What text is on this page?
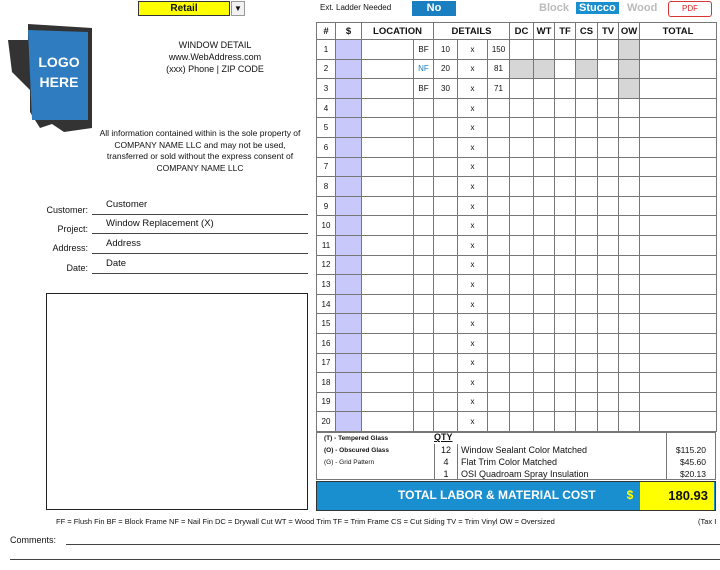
Retail	▼	Ext. Ladder Needed	No	Block Stucco Wood	PDF
LOGO HERE
WINDOW DETAIL
www.WebAddress.com
(xxx) Phone | ZIP CODE
All information contained within is the sole property of COMPANY NAME LLC and may not be used, transferred or sold without the express consent of COMPANY NAME LLC
Customer:	Customer
Project:	Window Replacement (X)
Address:	Address
Date:	Date
#	$	LOCATION		DETAILS			DC	WT	TF	CS	TV	OW	TOTAL
1			BF	10	x	150							
2			NF	20	x	81							
3			BF	30	x	71							
4					x								
5					x								
6					x								
7					x								
8					x								
9					x								
10					x								
11					x								
12					x								
13					x								
14					x								
15					x								
16					x								
17					x								
18					x								
19					x								
20					x								
(T) - Tempered Glass
(O) - Obscured Glass
(G) - Grid Pattern
QTY
12	Window Sealant Color Matched	$115.20
4	Flat Trim Color Matched	$45.60
1	OSI Quadroam Spray Insulation	$20.13
TOTAL LABOR & MATERIAL COST	$	180.93
FF = Flush Fin BF = Block Frame NF = Nail Fin DC = Drywall Cut WT = Wood Trim TF = Trim Frame CS = Cut Siding TV = Trim Vinyl OW = Oversized	(Tax I
Comments:
